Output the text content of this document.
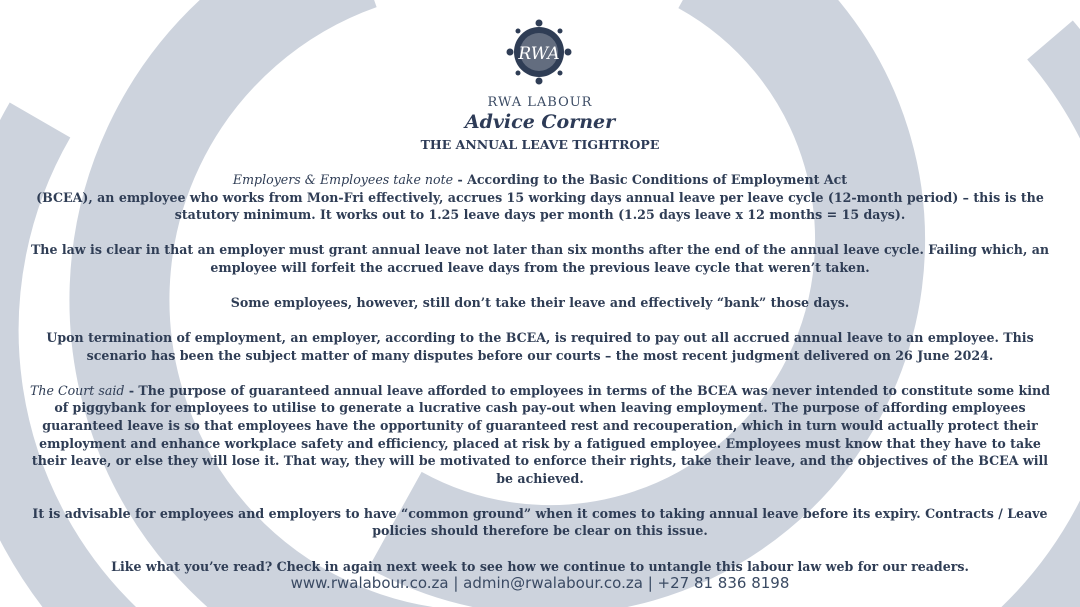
RWA
RWA LABOUR
Advice Corner
THE ANNUAL LEAVE TIGHTROPE

Employers & Employees take note - According to the Basic Conditions of Employment Act
(BCEA), an employee who works from Mon-Fri effectively, accrues 15 working days annual leave per leave cycle (12-month period) – this is the statutory minimum. It works out to 1.25 leave days per month (1.25 days leave x 12 months = 15 days).

The law is clear in that an employer must grant annual leave not later than six months after the end of the annual leave cycle. Failing which, an employee will forfeit the accrued leave days from the previous leave cycle that weren’t taken.

Some employees, however, still don’t take their leave and effectively “bank” those days.

Upon termination of employment, an employer, according to the BCEA, is required to pay out all accrued annual leave to an employee. This scenario has been the subject matter of many disputes before our courts – the most recent judgment delivered on 26 June 2024.

The Court said - The purpose of guaranteed annual leave afforded to employees in terms of the BCEA was never intended to constitute some kind of piggybank for employees to utilise to generate a lucrative cash pay-out when leaving employment. The purpose of affording employees guaranteed leave is so that employees have the opportunity of guaranteed rest and recouperation, which in turn would actually protect their employment and enhance workplace safety and efficiency, placed at risk by a fatigued employee. Employees must know that they have to take their leave, or else they will lose it. That way, they will be motivated to enforce their rights, take their leave, and the objectives of the BCEA will be achieved.

It is advisable for employees and employers to have “common ground” when it comes to taking annual leave before its expiry. Contracts / Leave policies should therefore be clear on this issue.

Like what you’ve read? Check in again next week to see how we continue to untangle this labour law web for our readers.

www.rwalabour.co.za | admin@rwalabour.co.za | +27 81 836 8198
